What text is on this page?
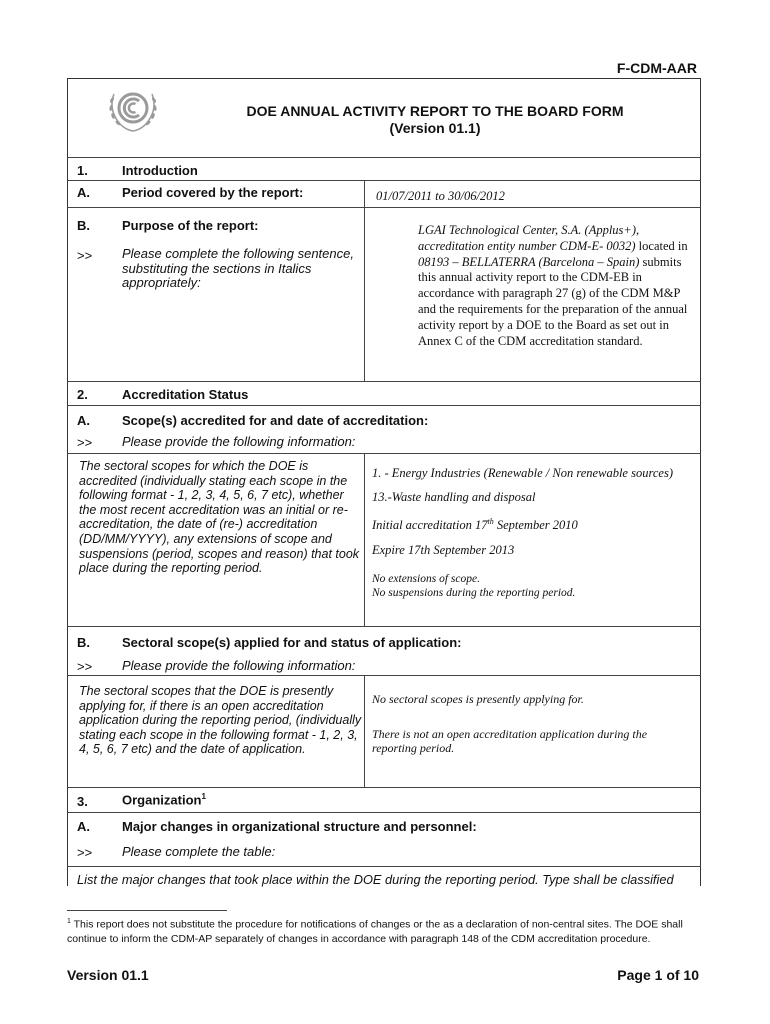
F-CDM-AAR
DOE ANNUAL ACTIVITY REPORT TO THE BOARD FORM
(Version 01.1)
1.	Introduction
A. Period covered by the report:	01/07/2011 to 30/06/2012
B. Purpose of the report:
>> Please complete the following sentence, substituting the sections in Italics appropriately:
LGAI Technological Center, S.A. (Applus+), accreditation entity number CDM-E- 0032) located in 08193 – BELLATERRA (Barcelona – Spain) submits this annual activity report to the CDM-EB in accordance with paragraph 27 (g) of the CDM M&P and the requirements for the preparation of the annual activity report by a DOE to the Board as set out in Annex C of the CDM accreditation standard.
2.	Accreditation Status
A. Scope(s) accredited for and date of accreditation:
>> Please provide the following information:
The sectoral scopes for which the DOE is accredited (individually stating each scope in the following format - 1, 2, 3, 4, 5, 6, 7 etc), whether the most recent accreditation was an initial or re-accreditation, the date of (re-) accreditation (DD/MM/YYYY), any extensions of scope and suspensions (period, scopes and reason) that took place during the reporting period.
1. - Energy Industries (Renewable / Non renewable sources)
13.-Waste handling and disposal
Initial accreditation 17th September 2010
Expire 17th September 2013
No extensions of scope.
No suspensions during the reporting period.
B. Sectoral scope(s) applied for and status of application:
>> Please provide the following information:
The sectoral scopes that the DOE is presently applying for, if there is an open accreditation application during the reporting period, (individually stating each scope in the following format - 1, 2, 3, 4, 5, 6, 7 etc) and the date of application.
No sectoral scopes is presently applying for.
There is not an open accreditation application during the reporting period.
3.	Organization$^1$
A. Major changes in organizational structure and personnel:
>> Please complete the table:
List the major changes that took place within the DOE during the reporting period. Type shall be classified
$^1$ This report does not substitute the procedure for notifications of changes or the as a declaration of non-central sites. The DOE shall continue to inform the CDM-AP separately of changes in accordance with paragraph 148 of the CDM accreditation procedure.
Version 01.1	Page 1 of 10
